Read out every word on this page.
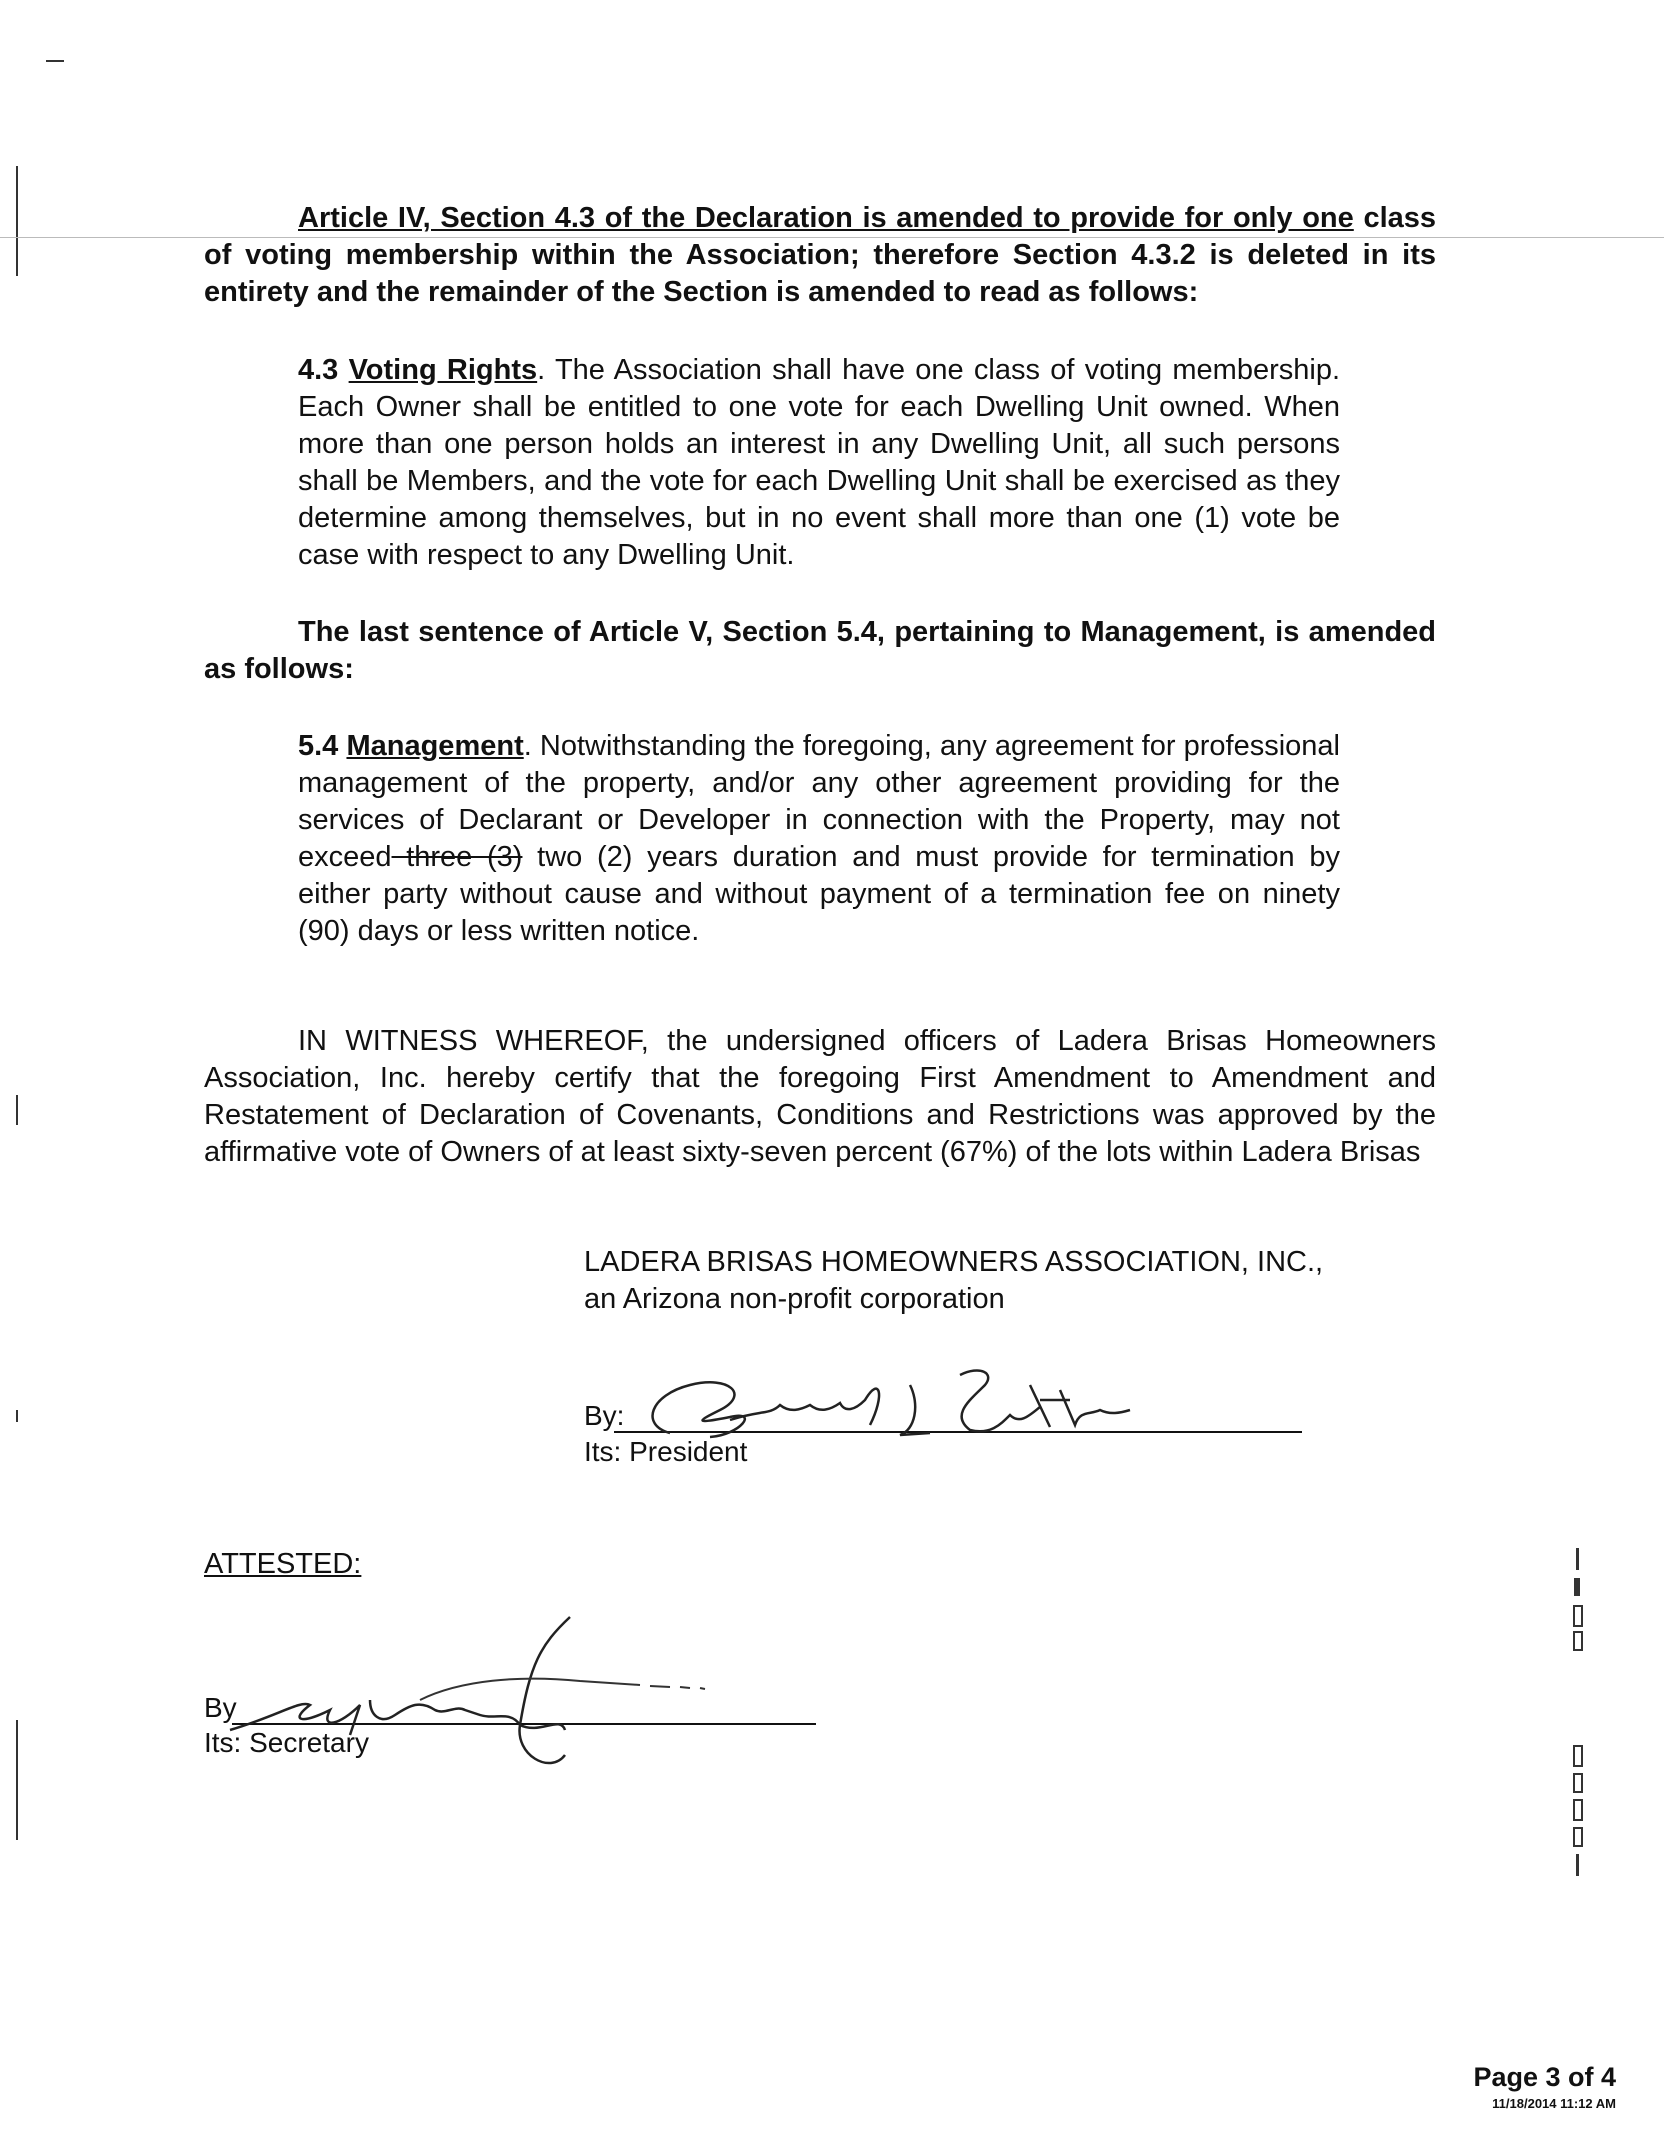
Article IV, Section 4.3 of the Declaration is amended to provide for only one class of voting membership within the Association; therefore Section 4.3.2 is deleted in its entirety and the remainder of the Section is amended to read as follows:
4.3 Voting Rights. The Association shall have one class of voting membership. Each Owner shall be entitled to one vote for each Dwelling Unit owned. When more than one person holds an interest in any Dwelling Unit, all such persons shall be Members, and the vote for each Dwelling Unit shall be exercised as they determine among themselves, but in no event shall more than one (1) vote be case with respect to any Dwelling Unit.
The last sentence of Article V, Section 5.4, pertaining to Management, is amended as follows:
5.4 Management. Notwithstanding the foregoing, any agreement for professional management of the property, and/or any other agreement providing for the services of Declarant or Developer in connection with the Property, may not exceed three (3) two (2) years duration and must provide for termination by either party without cause and without payment of a termination fee on ninety (90) days or less written notice.
IN WITNESS WHEREOF, the undersigned officers of Ladera Brisas Homeowners Association, Inc. hereby certify that the foregoing First Amendment to Amendment and Restatement of Declaration of Covenants, Conditions and Restrictions was approved by the affirmative vote of Owners of at least sixty-seven percent (67%) of the lots within Ladera Brisas
LADERA BRISAS HOMEOWNERS ASSOCIATION, INC.,
an Arizona non-profit corporation
By:
Its: President
ATTESTED:
By
Its: Secretary
Page 3 of 4
11/18/2014 11:12 AM
